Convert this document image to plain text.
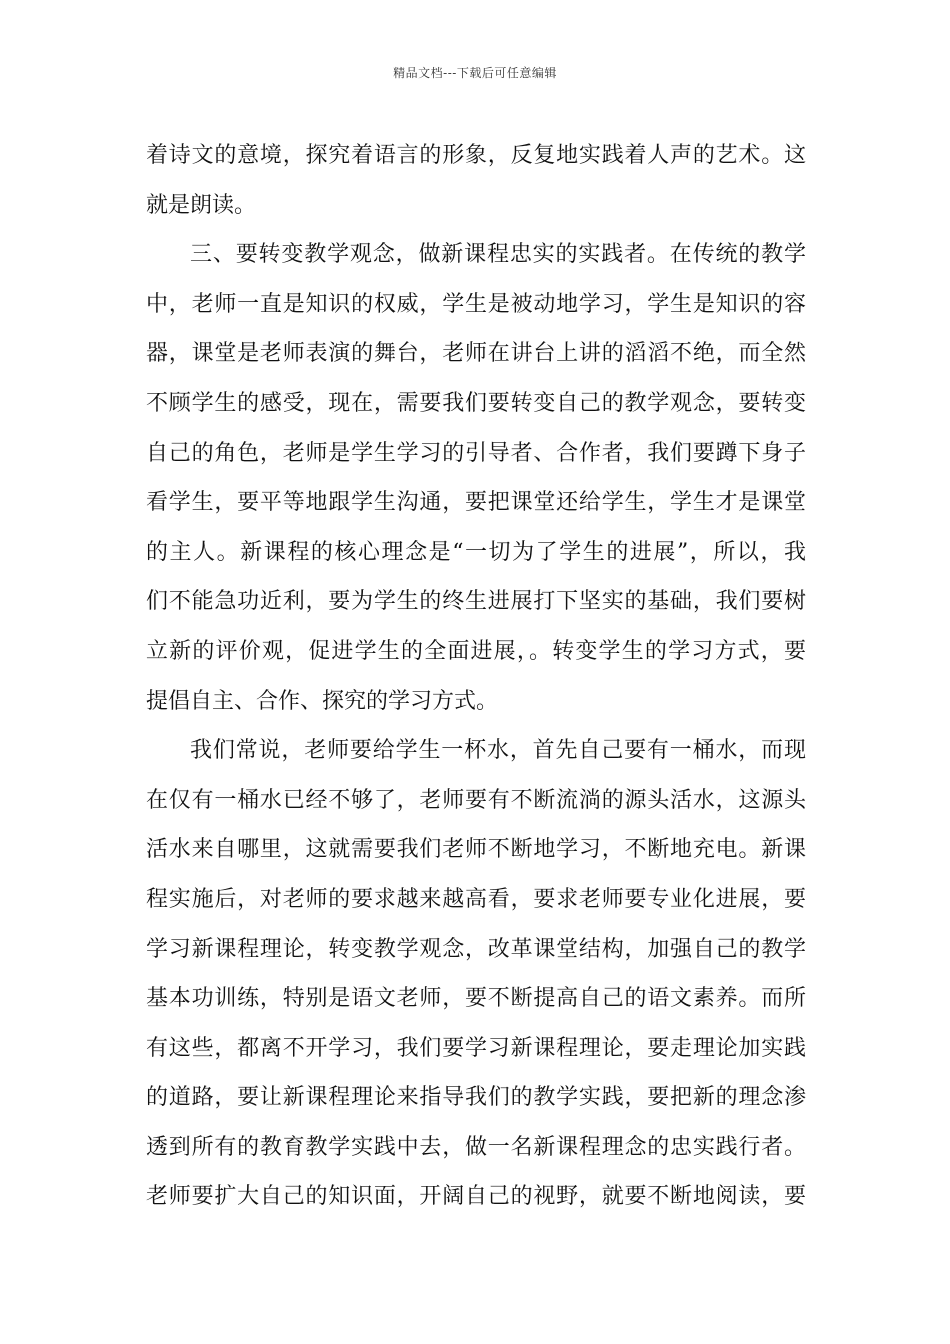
精品文档---下载后可任意编辑
着诗文的意境，探究着语言的形象，反复地实践着人声的艺术。这
就是朗读。
三、要转变教学观念，做新课程忠实的实践者。在传统的教学
中，老师一直是知识的权威，学生是被动地学习，学生是知识的容
器，课堂是老师表演的舞台，老师在讲台上讲的滔滔不绝，而全然
不顾学生的感受，现在，需要我们要转变自己的教学观念，要转变
自己的角色，老师是学生学习的引导者、合作者，我们要蹲下身子
看学生，要平等地跟学生沟通，要把课堂还给学生，学生才是课堂
的主人。新课程的核心理念是“一切为了学生的进展”，所以，我
们不能急功近利，要为学生的终生进展打下坚实的基础，我们要树
立新的评价观，促进学生的全面进展，。转变学生的学习方式，要
提倡自主、合作、探究的学习方式。
我们常说，老师要给学生一杯水，首先自己要有一桶水，而现
在仅有一桶水已经不够了，老师要有不断流淌的源头活水，这源头
活水来自哪里，这就需要我们老师不断地学习，不断地充电。新课
程实施后，对老师的要求越来越高看，要求老师要专业化进展，要
学习新课程理论，转变教学观念，改革课堂结构，加强自己的教学
基本功训练，特别是语文老师，要不断提高自己的语文素养。而所
有这些，都离不开学习，我们要学习新课程理论，要走理论加实践
的道路，要让新课程理论来指导我们的教学实践，要把新的理念渗
透到所有的教育教学实践中去，做一名新课程理念的忠实践行者。
老师要扩大自己的知识面，开阔自己的视野，就要不断地阅读，要
